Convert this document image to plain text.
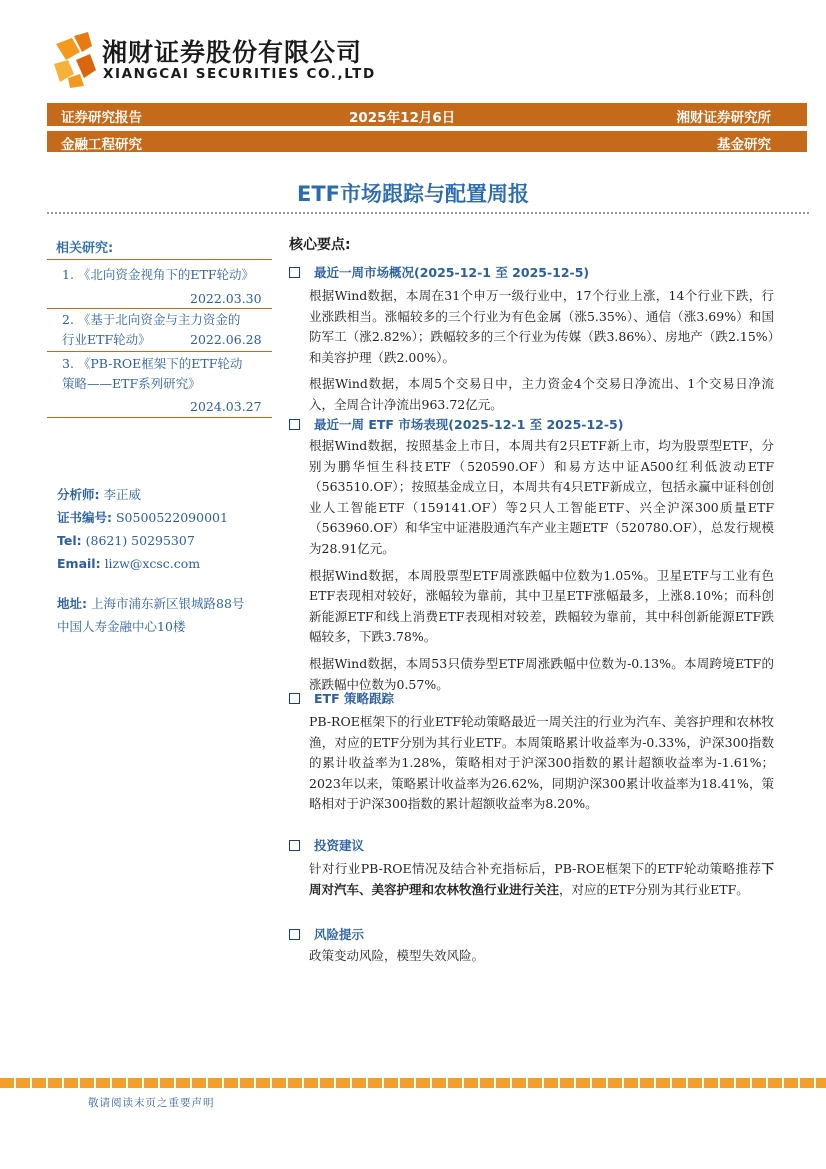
湘财证券股份有限公司
XIANGCAI SECURITIES CO.,LTD
证券研究报告	2025年12月6日	湘财证券研究所
金融工程研究	基金研究
ETF市场跟踪与配置周报
相关研究:
1. 《北向资金视角下的ETF轮动》
2022.03.30
2. 《基于北向资金与主力资金的
行业ETF轮动》	2022.06.28
3. 《PB-ROE框架下的ETF轮动
策略——ETF系列研究》
2024.03.27
分析师: 李正威
证书编号: S0500522090001
Tel: (8621) 50295307
Email: lizw@xcsc.com
地址: 上海市浦东新区银城路88号
中国人寿金融中心10楼
核心要点:
最近一周市场概况(2025-12-1 至 2025-12-5)

根据Wind数据，本周在31个申万一级行业中，17个行业上涨，14个行业下跌，行业涨跌相当。涨幅较多的三个行业为有色金属（涨5.35%）、通信（涨3.69%）和国防军工（涨2.82%）；跌幅较多的三个行业为传媒（跌3.86%）、房地产（跌2.15%）和美容护理（跌2.00%）。

根据Wind数据，本周5个交易日中，主力资金4个交易日净流出、1个交易日净流入，全周合计净流出963.72亿元。

最近一周 ETF 市场表现(2025-12-1 至 2025-12-5)

根据Wind数据，按照基金上市日，本周共有2只ETF新上市，均为股票型ETF，分别为鹏华恒生科技ETF（520590.OF）和易方达中证A500红利低波动ETF（563510.OF）；按照基金成立日，本周共有4只ETF新成立，包括永赢中证科创创业人工智能ETF（159141.OF）等2只人工智能ETF、兴全沪深300质量ETF（563960.OF）和华宝中证港股通汽车产业主题ETF（520780.OF），总发行规模为28.91亿元。

根据Wind数据，本周股票型ETF周涨跌幅中位数为1.05%。卫星ETF与工业有色ETF表现相对较好，涨幅较为靠前，其中卫星ETF涨幅最多，上涨8.10%；而科创新能源ETF和线上消费ETF表现相对较差，跌幅较为靠前，其中科创新能源ETF跌幅较多，下跌3.78%。

根据Wind数据，本周53只债券型ETF周涨跌幅中位数为-0.13%。本周跨境ETF的涨跌幅中位数为0.57%。

ETF 策略跟踪

PB-ROE框架下的行业ETF轮动策略最近一周关注的行业为汽车、美容护理和农林牧渔，对应的ETF分别为其行业ETF。本周策略累计收益率为-0.33%，沪深300指数的累计收益率为1.28%，策略相对于沪深300指数的累计超额收益率为-1.61%；2023年以来，策略累计收益率为26.62%，同期沪深300累计收益率为18.41%，策略相对于沪深300指数的累计超额收益率为8.20%。

投资建议

针对行业PB-ROE情况及结合补充指标后，PB-ROE框架下的ETF轮动策略推荐下周对汽车、美容护理和农林牧渔行业进行关注，对应的ETF分别为其行业ETF。

风险提示

政策变动风险，模型失效风险。

敬请阅读末页之重要声明
